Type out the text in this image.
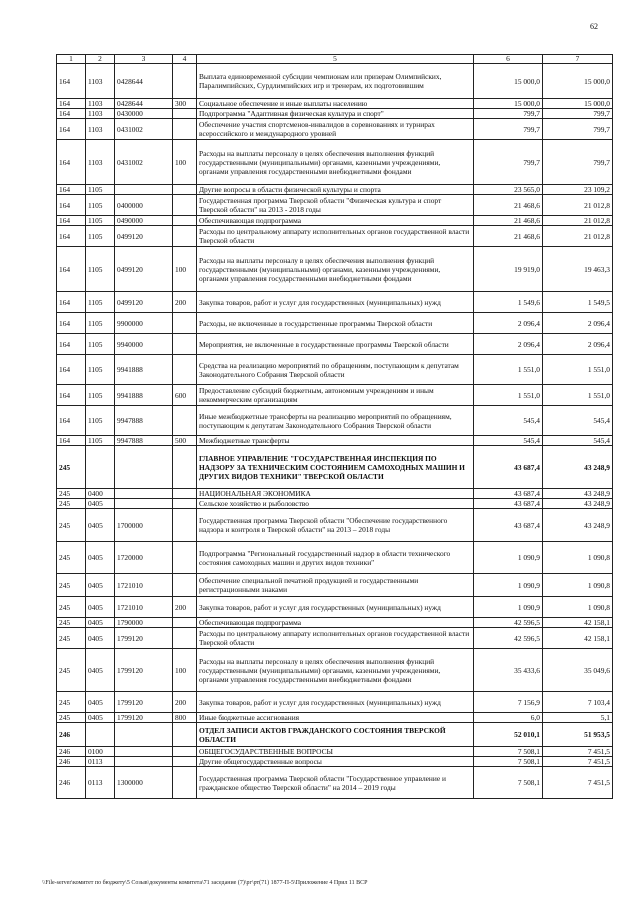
62
1	2	3	4	5	6	7
164	1103	0428644		Выплата единовременной субсидии чемпионам или призерам Олимпийских, Паралимпийских, Сурдлимпийских игр и тренерам, их подготовившим	15 000,0	15 000,0
164	1103	0428644	300	Социальное обеспечение и иные выплаты населению	15 000,0	15 000,0
164	1103	0430000		Подпрограмма "Адаптивная физическая культура и спорт"	799,7	799,7
164	1103	0431002		Обеспечение участия спортсменов-инвалидов в соревнованиях и турнирах всероссийского и международного уровней	799,7	799,7
164	1103	0431002	100	Расходы на выплаты персоналу в целях обеспечения выполнения функций государственными (муниципальными) органами, казенными учреждениями, органами управления государственными внебюджетными фондами	799,7	799,7
164	1105			Другие вопросы в области физической культуры и спорта	23 565,0	23 109,2
164	1105	0400000		Государственная программа Тверской области "Физическая культура и спорт Тверской области" на 2013 - 2018 годы	21 468,6	21 012,8
164	1105	0490000		Обеспечивающая подпрограмма	21 468,6	21 012,8
164	1105	0499120		Расходы по центральному аппарату исполнительных органов государственной власти Тверской области	21 468,6	21 012,8
164	1105	0499120	100	Расходы на выплаты персоналу в целях обеспечения выполнения функций государственными (муниципальными) органами, казенными учреждениями, органами управления государственными внебюджетными фондами	19 919,0	19 463,3
164	1105	0499120	200	Закупка товаров, работ и услуг для государственных (муниципальных) нужд	1 549,6	1 549,5
164	1105	9900000		Расходы, не включенные в государственные программы Тверской области	2 096,4	2 096,4
164	1105	9940000		Мероприятия, не включенные в государственные программы Тверской области	2 096,4	2 096,4
164	1105	9941888		Средства на реализацию мероприятий по обращениям, поступающим к депутатам Законодательного Собрания Тверской области	1 551,0	1 551,0
164	1105	9941888	600	Предоставление субсидий бюджетным, автономным учреждениям и иным некоммерческим организациям	1 551,0	1 551,0
164	1105	9947888		Иные межбюджетные трансферты на реализацию мероприятий по обращениям, поступающим к депутатам Законодательного Собрания Тверской области	545,4	545,4
164	1105	9947888	500	Межбюджетные трансферты	545,4	545,4
245				ГЛАВНОЕ УПРАВЛЕНИЕ "ГОСУДАРСТВЕННАЯ ИНСПЕКЦИЯ ПО НАДЗОРУ ЗА ТЕХНИЧЕСКИМ СОСТОЯНИЕМ САМОХОДНЫХ МАШИН И ДРУГИХ ВИДОВ ТЕХНИКИ" ТВЕРСКОЙ ОБЛАСТИ	43 687,4	43 248,9
245	0400			НАЦИОНАЛЬНАЯ ЭКОНОМИКА	43 687,4	43 248,9
245	0405			Сельское хозяйство и рыболовство	43 687,4	43 248,9
245	0405	1700000		Государственная программа Тверской области "Обеспечение государственного надзора и контроля в Тверской области" на 2013 – 2018 годы	43 687,4	43 248,9
245	0405	1720000		Подпрограмма "Региональный государственный надзор в области технического состояния самоходных машин и других видов техники"	1 090,9	1 090,8
245	0405	1721010		Обеспечение специальной печатной продукцией и государственными регистрационными знаками	1 090,9	1 090,8
245	0405	1721010	200	Закупка товаров, работ и услуг для государственных (муниципальных) нужд	1 090,9	1 090,8
245	0405	1790000		Обеспечивающая подпрограмма	42 596,5	42 158,1
245	0405	1799120		Расходы по центральному аппарату исполнительных органов государственной власти Тверской области	42 596,5	42 158,1
245	0405	1799120	100	Расходы на выплаты персоналу в целях обеспечения выполнения функций государственными (муниципальными) органами, казенными учреждениями, органами управления государственными внебюджетными фондами	35 433,6	35 049,6
245	0405	1799120	200	Закупка товаров, работ и услуг для государственных (муниципальных) нужд	7 156,9	7 103,4
245	0405	1799120	800	Иные бюджетные ассигнования	6,0	5,1
246				ОТДЕЛ ЗАПИСИ АКТОВ ГРАЖДАНСКОГО СОСТОЯНИЯ ТВЕРСКОЙ ОБЛАСТИ	52 010,1	51 953,5
246	0100			ОБЩЕГОСУДАРСТВЕННЫЕ ВОПРОСЫ	7 508,1	7 451,5
246	0113			Другие общегосударственные вопросы	7 508,1	7 451,5
246	0113	1300000		Государственная программа Тверской области "Государственное управление и гражданское общество Тверской области" на 2014 – 2019 годы	7 508,1	7 451,5
\\File-server\комитет по бюджету\5 Созыв\документы комитета\71 заседание (7)\рг\рт(71) 1877-П-5\Приложение 4 Прил 11 ВСР
